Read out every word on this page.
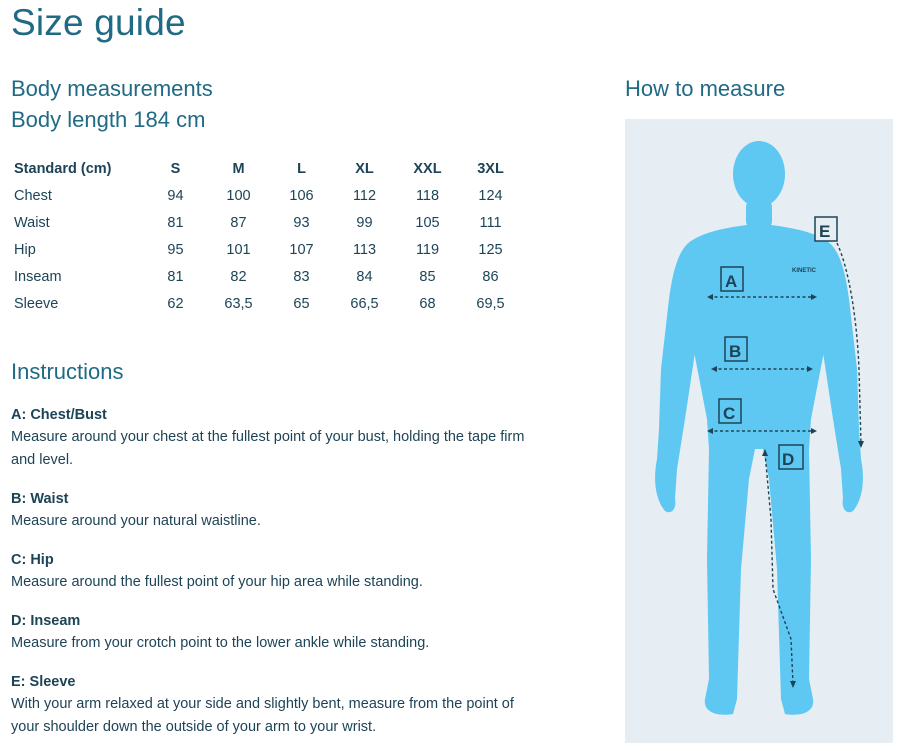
Size guide
Body measurements
Body length 184 cm
Standard (cm)	S	M	L	XL	XXL	3XL
Chest	94	100	106	112	118	124
Waist	81	87	93	99	105	111
Hip	95	101	107	113	119	125
Inseam	81	82	83	84	85	86
Sleeve	62	63,5	65	66,5	68	69,5
Instructions

A: Chest/Bust

Measure around your chest at the fullest point of your bust, holding the tape firm and level.

B: Waist

Measure around your natural waistline.

C: Hip

Measure around the fullest point of your hip area while standing.

D: Inseam

Measure from your crotch point to the lower ankle while standing.

E: Sleeve

With your arm relaxed at your side and slightly bent, measure from the point of your shoulder down the outside of your arm to your wrist.

How to measure
KINETIC
A
B
C
D
E
